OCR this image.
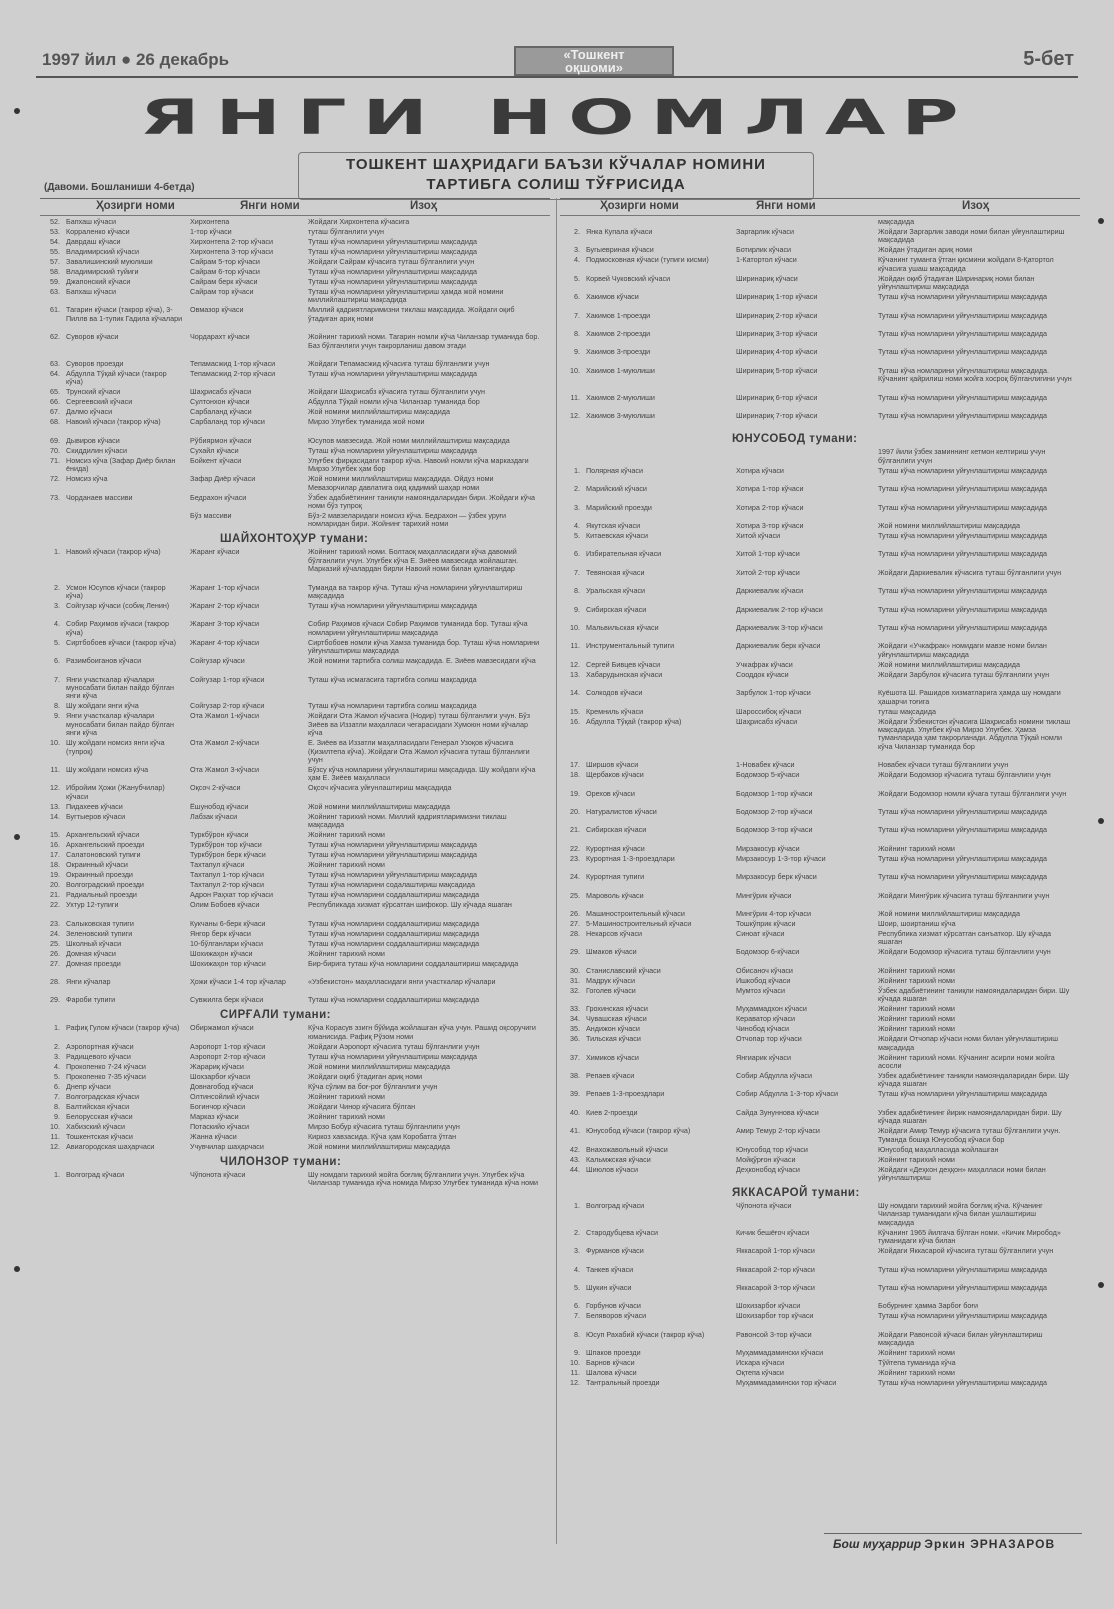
1997 йил ● 26 декабрь	«Тошкент
оқшоми»	5-бет
ЯНГИ НОМЛАР
ТОШКЕНТ ШАҲРИДАГИ БАЪЗИ КЎЧАЛАР НОМИНИ
ТАРТИБГА СОЛИШ ТЎҒРИСИДА
(Давоми. Бошланиши 4-бетда)
Ҳозирги номи	Янги номи	Изоҳ
52. Бапхаш кўчаси	Хирхонтепа	Жойдаги Хирхонтепа кўчасига
53. Корраленко кўчаси	1-тор кўчаси	туташ бўлганлиги учун
54. Даврдаш кўчаси	Хирхонтепа 2-тор кўчаси	Туташ кўча номларини уйғунлаштириш мақсадида
55. Владимирский кўчаси	Хирхонтепа 3-тор кўчаси	Туташ кўча номларини уйғунлаштириш мақсадида
57. Завалишинский муюлиши	Сайрам 5-тор кўчаси	Жойдаги Сайрам кўчасига туташ бўлганлиги учун
58. Владимирский туйиги	Сайрам 6-тор кўчаси	Туташ кўча номларини уйғунлаштириш мақсадида
59. Джапонский кўчаси	Сайрам берк кўчаси	Туташ кўча номларини уйғунлаштириш мақсадида
63. Бапхаш кўчаси	Сайрам тор кўчаси	Туташ кўча номларини уйғунлаштириш ҳамда жой номини миллийлаштириш мақсадида
61. Тагарин кўчаси (такрор кўча), 3-Пиллв ва 1-тупик Гадила кўчалари
Овмазор кўчаси	Миллий қадриятларимизни тиклаш мақсадида. Жойдаги оқиб ўтадиган ариқ номи
62. Суворов кўчаси	Чордарахт кўчаси	Жойнинг тарихий номи. Тагарин номли кўча Чиланзар туманида бор. Баз бўлганлиги учун такрорланиш давом этади
63. Суворов проезди	Тепамасжид 1-тор кўчаси	Жойдаги Тепамасжид кўчасига туташ бўлганлиги учун
64. Абдулла Тўқай кўчаси (такрор кўча)
Тепамасжид 2-тор кўчаси	Туташ кўча номларини уйғунлаштириш мақсадида
65. Трунский кўчаси	Шаҳрисабз кўчаси	Жойдаги Шаҳрисабз кўчасига туташ бўлганлиги учун
66. Сергеевский кўчаси	Султонхон кўчаси	Абдулла Тўқай номли кўча Чиланзар туманида бор
67. Далмо кўчаси	Сарбаланд кўчаси	Жой номини миллийлаштириш мақсадида
68. Навоий кўчаси (такрор кўча)	Сарбаланд тор кўчаси	Мирзо Улуғбек туманида жой номи
69. Дывиров кўчаси	Рўбиярмон кўчаси	Юсупов мавзесида. Жой номи миллийлаштириш мақсадида
70. Скиддилин кўчаси	Сухайл кўчаси	Туташ кўча номларини уйғунлаштириш мақсадида
71. Номсиз кўча (Зафар Диёр билан ёнида)
Бойкент кўчаси	Улуғбек фирқасидаги такрор кўча. Навоий номли кўча марказдаги Мирзо Улуғбек ҳам бор
72. Номсиз кўча	Зафар Диёр кўчаси	Жой номини миллийлаштириш мақсадида. Ойдуз номи Мевазорчилар давлатига оид қадимий шаҳар номи
73. Чорданаев массиви	Бедрахон кўчаси	Ўзбек адабиётининг таниқли намояндаларидан бири. Жойдаги кўча номи бўз тупроқ
Бўз массиви	Бўз-2 мавзеларидаги номсиз кўча. Бедрахон — ўзбек уруғи номларидан бири. Жойнинг тарихий номи
ШАЙХОНТОҲУР тумани:
1. Навоий кўчаси (такрор кўча)	Жаранг кўчаси	Жойнинг тарихий номи. Болтаоқ маҳалласидаги кўча давомий бўлганлиги учун. Улуғбек кўча Е. Зиёев мавзесида жойлашган. Марказий кўчалардан бирли Навоий номи билан қулангандар
2. Усмон Юсупов кўчаси (такрор кўча)
Жаранг 1-тор кўчаси	Туманда ва такрор кўча. Туташ кўча номларини уйғунлаштириш мақсадида
3. Сойгузар кўчаси (собиқ Ленин)	Жаранг 2-тор кўчаси	Туташ кўча номларини уйғунлаштириш мақсадида
4. Собир Раҳимов кўчаси (такрор кўча)
Жаранг 3-тор кўчаси	Собир Раҳимов кўчаси Собир Раҳимов туманида бор. Туташ кўча номларини уйғунлаштириш мақсадида
5. Сиртбобоев кўчаси (такрор кўча)	Жаранг 4-тор кўчаси	Сиртбобоев номли кўча Хамза туманида бор. Туташ кўча номларини уйғунлаштириш мақсадида
6. Разимбоиганов кўчаси	Сойгузар кўчаси	Жой номини тартибга солиш мақсадида. Е. Зиёев мавзесидаги кўча
7. Янги участкалар кўчалари муносабати билан пайдо бўлган янги кўча
Сойгузар 1-тор кўчаси	Туташ кўча исмагасига тартибга солиш мақсадида
8. Шу жойдаги янги кўча	Сойгузар 2-тор кўчаси	Туташ кўча номларини тартибга солиш мақсадида
9. Янги участкалар кўчалари муносабати билан пайдо бўлган янги кўча
Ота Жамол 1-кўчаси	Жойдаги Ота Жамол кўчасига (Нодир) туташ бўлганлиги учун. Бўз Зиёев ва Иззатли маҳалласи чегарасидаги Хумоюн номи кўчалар кўча
10. Шу жойдаги номсиз янги кўча (тупроқ)
Ота Жамол 2-кўчаси	Е. Зиёев ва Иззатли маҳалласидаги Генерал Узоқов кўчасига (Қизилтепа кўча). Жойдаги Ота Жамол кўчасига туташ бўлганлиги учун
11. Шу жойдаги номсиз кўча	Ота Жамол 3-кўчаси	Бўзсу кўча номларини уйғунлаштириш мақсадида. Шу жойдаги кўча ҳам Е. Зиёев маҳалласи
12. Ибройим Ҳожи (Жанубчилар) кўчаси
Оқсоч 2-кўчаси	Оқсоч кўчасига уйғунлаштириш мақсадида
13. Пидахеев кўчаси	Ёшунобод кўчаси	Жой номини миллийлаштириш мақсадида
14. Бугтыеров кўчаси	Лабзак кўчаси	Жойнинг тарихий номи. Миллий қадриятларимизни тиклаш мақсадида
15. Архангельский кўчаси	Туркбўрон кўчаси	Жойнинг тарихий номи
16. Архангельский проезди	Туркбўрон тор кўчаси	Туташ кўча номларини уйғунлаштириш мақсадида
17. Салатоновский тупиги	Туркбўрон берк кўчаси	Туташ кўча номларини уйғунлаштириш мақсадида
18. Окраинный кўчаси	Тахтапул кўчаси	Жойнинг тарихий номи
19. Окраинный проезди	Тахтапул 1-тор кўчаси	Туташ кўча номларини уйғунлаштириш мақсадида
20. Волгоградский проезди	Тахтапул 2-тор кўчаси	Туташ кўча номларини содалаштириш мақсадида
21. Радиальный проезди	Адрон Раҳхат тор кўчаси	Туташ кўча номларини соддалаштириш мақсадида
22. Ухтур 12-тупиги	Олим Бобоев кўчаси	Республикада хизмат кўрсатган шифокор. Шу кўчада яшаган
23. Салыковская тупиги	Кукчаны 6-берк кўчаси	Туташ кўча номларини соддалаштириш мақсадида
24. Зеленовский тупиги	Янгор берк кўчаси	Туташ кўча номларини соддалаштириш мақсадида
25. Школный кўчаси	10-бўлганлари кўчаси	Туташ кўча номларини соддалаштириш мақсадида
26. Домная кўчаси	Шохижаҳон кўчаси	Жойнинг тарихий номи
27. Домная проезди	Шохижаҳон тор кўчаси	Бир-бирига туташ кўча номларини соддалаштириш мақсадида
28. Янги кўчалар	Ҳожи кўчаси 1-4 тор кўчалар	«Узбекистон» маҳалласидаги янги участкалар кўчалари
29. Фароби тупиги	Сувжилга берк кўчаси	Туташ кўча номларини соддалаштириш мақсадида
СИРҒАЛИ тумани:
1. Рафиқ Гулом кўчаси (такрор кўча)	Обиржамол кўчаси	Кўча Корасув эзигн бўйида жойлашган кўча учун. Рашид оқсоручиги юманисида. Рафиқ Рўзом номи
2. Аэропортная кўчаси	Аэропорт 1-тор кўчаси	Жойдаги Аэропорт кўчасига туташ бўлганлиги учун
3. Радищевого кўчаси	Аэропорт 2-тор кўчаси	Туташ кўча номларини уйғунлаштириш мақсадида
4. Прокопенко 7-24 кўчаси	Жарариқ кўчаси	Жой номини миллийлаштириш мақсадида
5. Прокопенко 7-35 кўчаси	Шохзарбоғ кўчаси	Жойдаги оқиб ўтадиган ариқ номи
6. Днепр кўчаси	Довнагобод кўчаси	Кўча сўлим ва боғ-роғ бўлганлиги учун
7. Волгоградская кўчаси	Олтинсойлий кўчаси	Жойнинг тарихий номи
8. Балтийская кўчаси	Богинчор кўчаси	Жойдаги Чинор кўчасига бўлган
9. Белорусская кўчаси	Марказ кўчаси	Жойнинг тарихий номи
10. Хабизский кўчаси	Потаскийо кўчаси	Мирзо Бобур кўчасига туташ бўлганлиги учун
11. Тошкентская кўчаси	Жанна кўчаси	Киркоз хавзасида. Кўча ҳам Коробатга ўтган
12. Авиагородская шаҳарчаси	Учувчилар шаҳарчаси	Жой номини миллийлаштириш мақсадида
ЧИЛОНЗОР тумани:
1. Волгоград кўчаси	Чўпонота кўчаси	Шу номдаги тарихий жойга боғлиқ бўлганлиги учун. Улуғбек кўча Чиланзар туманида кўча номида Мирзо Улуғбек туманида кўча номи
Ҳозирги номи	Янги номи	Изоҳ
мақсадида
2. Янка Купала кўчаси	Заргарлик кўчаси	Жойдаги Заргарлик заводи номи билан уйғунлаштириш мақсадида
3. Бугыевриная кўчаси	Ботирлик кўчаси	Жойдан ўтадиган ариқ номи
4. Подмосковная кўчаси (тупиги кисми)	1-Катортол кўчаси	Кўчанинг туманга ўтган қисмини жойдаги 8-Қатортол кўчасига ушаш мақсадида
5. Корвей Чуковский кўчаси	Ширинариқ кўчаси	Жойдан оқиб ўтадиган Ширинариқ номи билан уйғунлаштириш мақсадида
6. Хакимов кўчаси	Ширинариқ 1-тор кўчаси	Туташ кўча номларини уйғунлаштириш мақсадида
7. Хакимов 1-проезди	Ширинариқ 2-тор кўчаси	Туташ кўча номларини уйғунлаштириш мақсадида
8. Хакимов 2-проезди	Ширинариқ 3-тор кўчаси	Туташ кўча номларини уйғунлаштириш мақсадида
9. Хакимов 3-проезди	Ширинариқ 4-тор кўчаси	Туташ кўча номларини уйғунлаштириш мақсадида
10. Хакимов 1-муюлиши	Ширинариқ 5-тор кўчаси	Туташ кўча номларини уйғунлаштириш мақсадида. Кўчанинг қайрилиш номи жойга хосроқ бўлганлигини учун
11. Хакимов 2-муюлиши	Ширинариқ 6-тор кўчаси	Туташ кўча номларини уйғунлаштириш мақсадида
12. Хакимов 3-муюлиши	Ширинариқ 7-тор кўчаси	Туташ кўча номларини уйғунлаштириш мақсадида
ЮНУСОБОД тумани:
1997 йили ўзбек заминнинг кетмон келтириш учун бўлганлиги учун
1. Полярная кўчаси	Хотира кўчаси	Туташ кўча номларини уйғунлаштириш мақсадида
2. Марийский кўчаси	Хотира 1-тор кўчаси	Туташ кўча номларини уйғунлаштириш мақсадида
3. Марийский проезди	Хотира 2-тор кўчаси	Туташ кўча номларини уйғунлаштириш мақсадида
4. Якутская кўчаси	Хотира 3-тор кўчаси	Жой номини миллийлаштириш мақсадида
5. Китаевская кўчаси	Хитой кўчаси	Туташ кўча номларини уйғунлаштириш мақсадида
6. Избирательная кўчаси	Хитой 1-тор кўчаси	Туташ кўча номларини уйғунлаштириш мақсадида
7. Тевянская кўчаси	Хитой 2-тор кўчаси	Жойдаги Даркиевалик кўчасига туташ бўлганлиги учун
8. Уральская кўчаси	Даркиевалик кўчаси	Туташ кўча номларини уйғунлаштириш мақсадида
9. Сибирская кўчаси	Даркиевалик 2-тор кўчаси	Туташ кўча номларини уйғунлаштириш мақсадида
10. Мальвильская кўчаси	Даркиевалик 3-тор кўчаси	Туташ кўча номларини уйғунлаштириш мақсадида
11. Инструментальный тупиги	Даркиевалик берк кўчаси	Жойдаги «Учкафрак» номидаги мавзе номи билан уйғунлаштириш мақсадида
12. Сергей Бивцев кўчаси	Учкафрак кўчаси	Жой номини миллийлаштириш мақсадида
13. Хабарудынская кўчаси	Сооддок кўчаси	Жойдаги Зарбулок кўчасига туташ бўлганлиги учун
14. Солкодов кўчаси	Зарбулок 1-тор кўчаси	Куёшота Ш. Рашидов хизматларига ҳамда шу номдаги ҳашарчи тоғига
15. Кремниль кўчаси	Шароссибоқ кўчаси	туташ мақсадида
16. Абдулла Тўқай (такрор кўча)	Шаҳрисабз кўчаси	Жойдаги Ўзбекистон кўчасига Шаҳрисабз номини тиклаш мақсадида. Улуғбек кўча Мирзо Улуғбек. Ҳамза туманларида ҳам такрорланади. Абдулла Тўқай номли кўча Чиланзар туманида бор
17. Ширшов кўчаси	1-Новабек кўчаси	Новабек кўчаси туташ бўлганлиги учун
18. Щербаков кўчаси	Бодомзор 5-кўчаси	Жойдаги Бодомзор кўчасига туташ бўлганлиги учун
19. Орехов кўчаси	Бодомзор 1-тор кўчаси	Жойдаги Бодомзор номли кўчага туташ бўлганлиги учун
20. Натуралистов кўчаси	Бодомзор 2-тор кўчаси	Туташ кўча номларини уйғунлаштириш мақсадида
21. Сибирская кўчаси	Бодомзор 3-тор кўчаси	Туташ кўча номларини уйғунлаштириш мақсадида
22. Курортная кўчаси	Мирзакосур кўчаси	Жойнинг тарихий номи
23. Курортная 1-3-проездлари	Мирзакосур 1-3-тор кўчаси	Туташ кўча номларини уйғунлаштириш мақсадида
24. Курортная тупиги	Мирзакосур берк кўчаси	Туташ кўча номларини уйғунлаштириш мақсадида
25. Мароволь кўчаси	Мингўрик кўчаси	Жойдаги Мингўрик кўчасига туташ бўлганлиги учун
26. Машиностроительный кўчаси	Мингўрик 4-тор кўчаси	Жой номини миллийлаштириш мақсадида
27. 5-Машиностроительный кўчаси	Тошкўприк кўчаси	Шоир, шоиртаниш кўча
28. Некарсов кўчаси	Синоат кўчаси	Республика хизмат кўрсатган санъаткор. Шу кўчада яшаган
29. Шмаков кўчаси	Бодомзор 6-кўчаси	Жойдаги Бодомзор кўчасига туташ бўлганлиги учун
30. Станиславский кўчаси	Обисаноч кўчаси	Жойнинг тарихий номи
31. Мадрук кўчаси	Ишкобод кўчаси	Жойнинг тарихий номи
32. Гоголев кўчаси	Мумтоз кўчаси	Ўзбек адабиётининг таниқли намояндаларидан бири. Шу кўчада яшаган
33. Грохинская кўчаси	Муҳаммадхон кўчаси	Жойнинг тарихий номи
34. Чувашская кўчаси	Кераватор кўчаси	Жойнинг тарихий номи
35. Андижон кўчаси	Чинобод кўчаси	Жойнинг тарихий номи
36. Тильская кўчаси	Отчопар тор кўчаси	Жойдаги Отчопар кўчаси номи билан уйғунлаштириш мақсадида
37. Химиков кўчаси	Янгиарик кўчаси	Жойнинг тарихий номи. Кўчанинг асирли номи жойга асосли
38. Репаев кўчаси	Собир Абдулла кўчаси	Узбек адабиётининг таниқли намояндаларидан бири. Шу кўчада яшаган
39. Репаев 1-3-проездлари	Собир Абдулла 1-3-тор кўчаси	Туташ кўча номларини уйғунлаштириш мақсадида
40. Киев 2-проезди	Сайда Зунуннова кўчаси	Узбек адабиётининг йирик намояндаларидан бири. Шу кўчада яшаган
41. Юнусобод кўчаси (такрор кўча)	Амир Темур 2-тор кўчаси	Жойдаги Амир Темур кўчасига туташ бўлганлиги учун. Туманда бошқа Юнусобод кўчаси бор
42. Внахожавольный кўчаси	Юнусобод тор кўчаси	Юнусобод маҳалласида жойлашган
43. Кальмжская кўчаси	Мойқўрғон кўчаси	Жойнинг тарихий номи
44. Шиюлов кўчаси	Деҳконобод кўчаси	Жойдаги «Деҳкон деҳқон» маҳалласи номи билан уйғунлаштириш
ЯККАСАРОЙ тумани:
1. Волгоград кўчаси	Чўпонота кўчаси	Шу номдаги тарихий жойга боғлиқ кўча. Кўчанинг Чиланзар туманидаги кўча билан ушлаштириш мақсадида
2. Стародубцева кўчаси	Кичик бешёғоч кўчаси	Кўчанинг 1965 йилгача бўлган номи. «Кичик Миробод» туманидаги кўча билан
3. Фурманов кўчаси	Яккасарой 1-тор кўчаси	Жойдаги Яккасарой кўчасига туташ бўлганлиги учун
4. Танкев кўчаси	Яккасарой 2-тор кўчаси	Туташ кўча номларини уйғунлаштириш мақсадида
5. Шукин кўчаси	Яккасарой 3-тор кўчаси	Туташ кўча номларини уйғунлаштириш мақсадида
6. Горбунов кўчаси	Шохизарбоғ кўчаси	Бобурнинг ҳамма Зарбоғ боғи
7. Беляворов кўчаси	Шохизарбоғ тор кўчаси	Туташ кўча номларини уйғунлаштириш мақсадида
8. Юсуп Рахабий кўчаси (такрор кўча)	Равонсой 3-тор кўчаси	Жойдаги Равонсой кўчаси билан уйғунлаштириш мақсадида
9. Шпаков проезди	Муҳаммадамински кўчаси	Жойнинг тарихий номи
10. Барнов кўчаси	Искара кўчаси	Тўйтепа туманида кўча
11. Шалова кўчаси	Оқтепа кўчаси	Жойнинг тарихий номи
12. Тантральный проезди	Муҳаммадамински тор кўчаси	Туташ кўча номларини уйғунлаштириш мақсадида
Бош муҳаррир Эркин ЭРНАЗАРОВ
